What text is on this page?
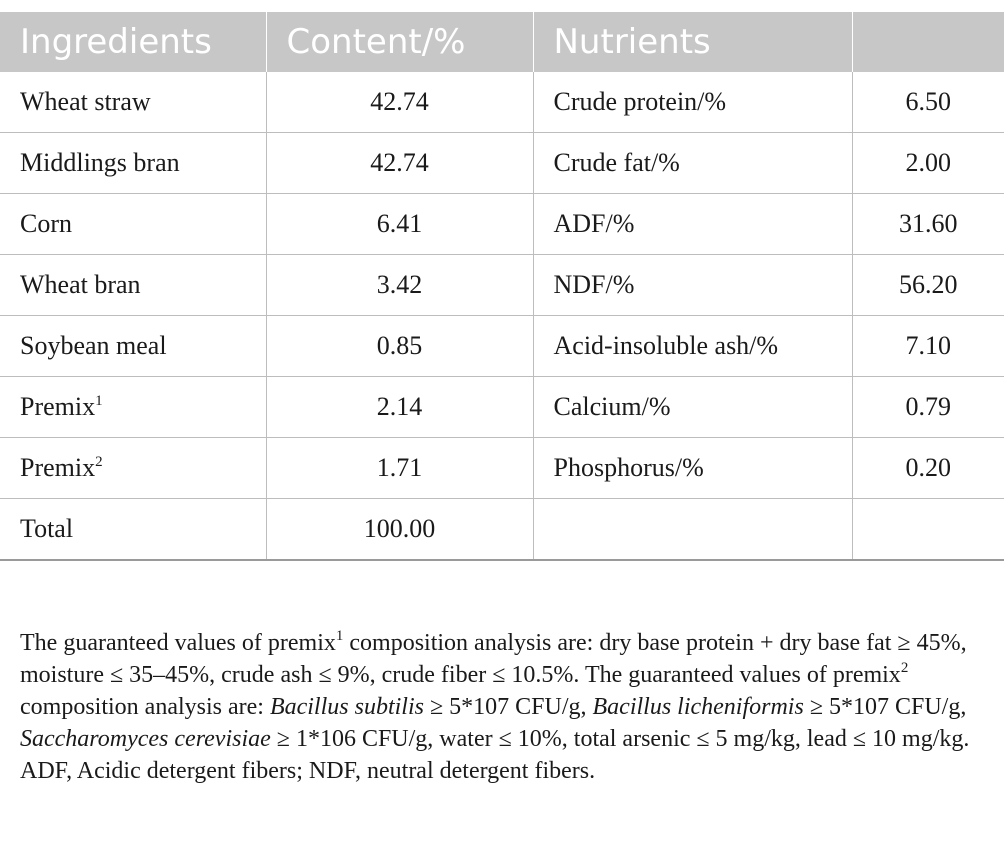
Ingredients	Content/%	Nutrients	
Wheat straw	42.74	Crude protein/%	6.50
Middlings bran	42.74	Crude fat/%	2.00
Corn	6.41	ADF/%	31.60
Wheat bran	3.42	NDF/%	56.20
Soybean meal	0.85	Acid-insoluble ash/%	7.10
Premix$^1$	2.14	Calcium/%	0.79
Premix$^2$	1.71	Phosphorus/%	0.20
Total	100.00		

The guaranteed values of premix$^1$ composition analysis are: dry base protein + dry base fat ≥ 45%, moisture ≤ 35–45%, crude ash ≤ 9%, crude fiber ≤ 10.5%. The guaranteed values of premix$^2$ composition analysis are: Bacillus subtilis ≥ 5*107 CFU/g, Bacillus licheniformis ≥ 5*107 CFU/g, Saccharomyces cerevisiae ≥ 1*106 CFU/g, water ≤ 10%, total arsenic ≤ 5 mg/kg, lead ≤ 10 mg/kg. ADF, Acidic detergent fibers; NDF, neutral detergent fibers.
